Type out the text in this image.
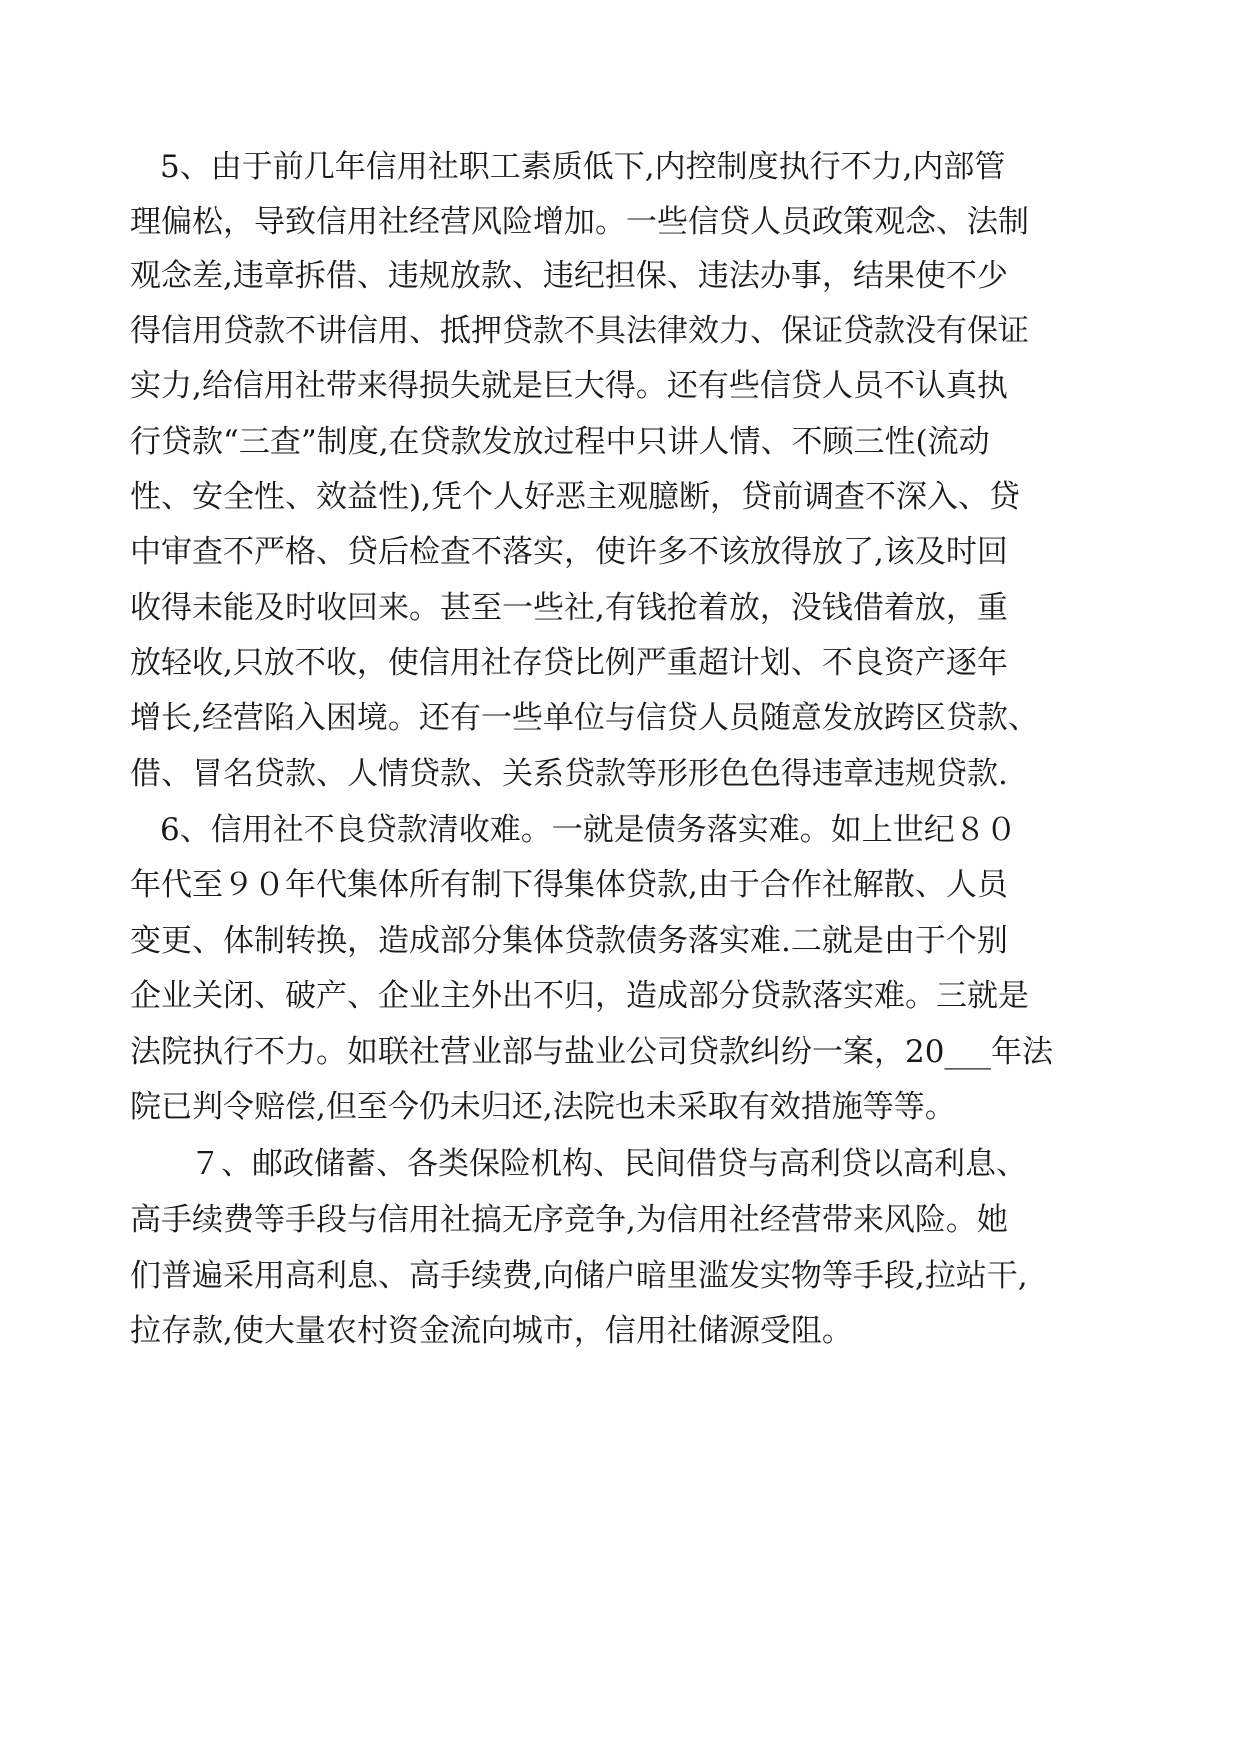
5、由于前几年信用社职工素质低下,内控制度执行不力,内部管
理偏松，导致信用社经营风险增加。一些信贷人员政策观念、法制
观念差,违章拆借、违规放款、违纪担保、违法办事，结果使不少
得信用贷款不讲信用、抵押贷款不具法律效力、保证贷款没有保证
实力,给信用社带来得损失就是巨大得。还有些信贷人员不认真执
行贷款“三查”制度,在贷款发放过程中只讲人情、不顾三性(流动
性、安全性、效益性),凭个人好恶主观臆断，贷前调查不深入、贷
中审查不严格、贷后检查不落实，使许多不该放得放了,该及时回
收得未能及时收回来。甚至一些社,有钱抢着放，没钱借着放，重
放轻收,只放不收，使信用社存贷比例严重超计划、不良资产逐年
增长,经营陷入困境。还有一些单位与信贷人员随意发放跨区贷款、
借、冒名贷款、人情贷款、关系贷款等形形色色得违章违规贷款.
6、信用社不良贷款清收难。一就是债务落实难。如上世纪８０
年代至９０年代集体所有制下得集体贷款,由于合作社解散、人员
变更、体制转换，造成部分集体贷款债务落实难.二就是由于个别
企业关闭、破产、企业主外出不归，造成部分贷款落实难。三就是
法院执行不力。如联社营业部与盐业公司贷款纠纷一案，20___年法
院已判令赔偿,但至今仍未归还,法院也未采取有效措施等等。
７、邮政储蓄、各类保险机构、民间借贷与高利贷以高利息、
高手续费等手段与信用社搞无序竞争,为信用社经营带来风险。她
们普遍采用高利息、高手续费,向储户暗里滥发实物等手段,拉站干,
拉存款,使大量农村资金流向城市，信用社储源受阻。
